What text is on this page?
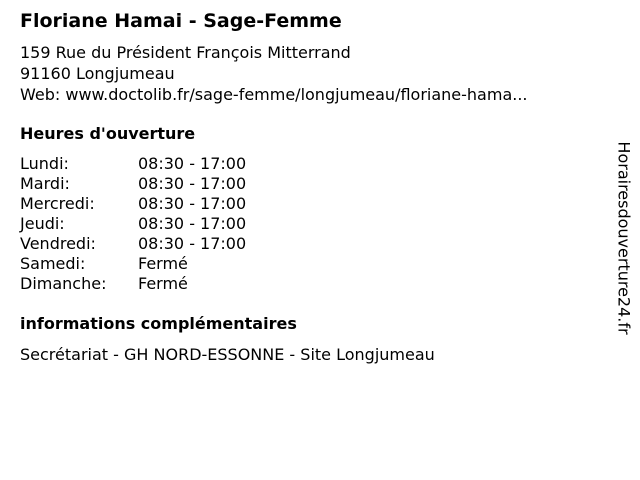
Floriane Hamai - Sage-Femme
159 Rue du Président François Mitterrand
91160 Longjumeau
Web: www.doctolib.fr/sage-femme/longjumeau/floriane-hama...
Heures d'ouverture
Lundi:	08:30 - 17:00
Mardi:	08:30 - 17:00
Mercredi:	08:30 - 17:00
Jeudi:	08:30 - 17:00
Vendredi:	08:30 - 17:00
Samedi:	Fermé
Dimanche: Fermé
informations complémentaires
Secrétariat - GH NORD-ESSONNE - Site Longjumeau
Horairesdouverture24.fr
